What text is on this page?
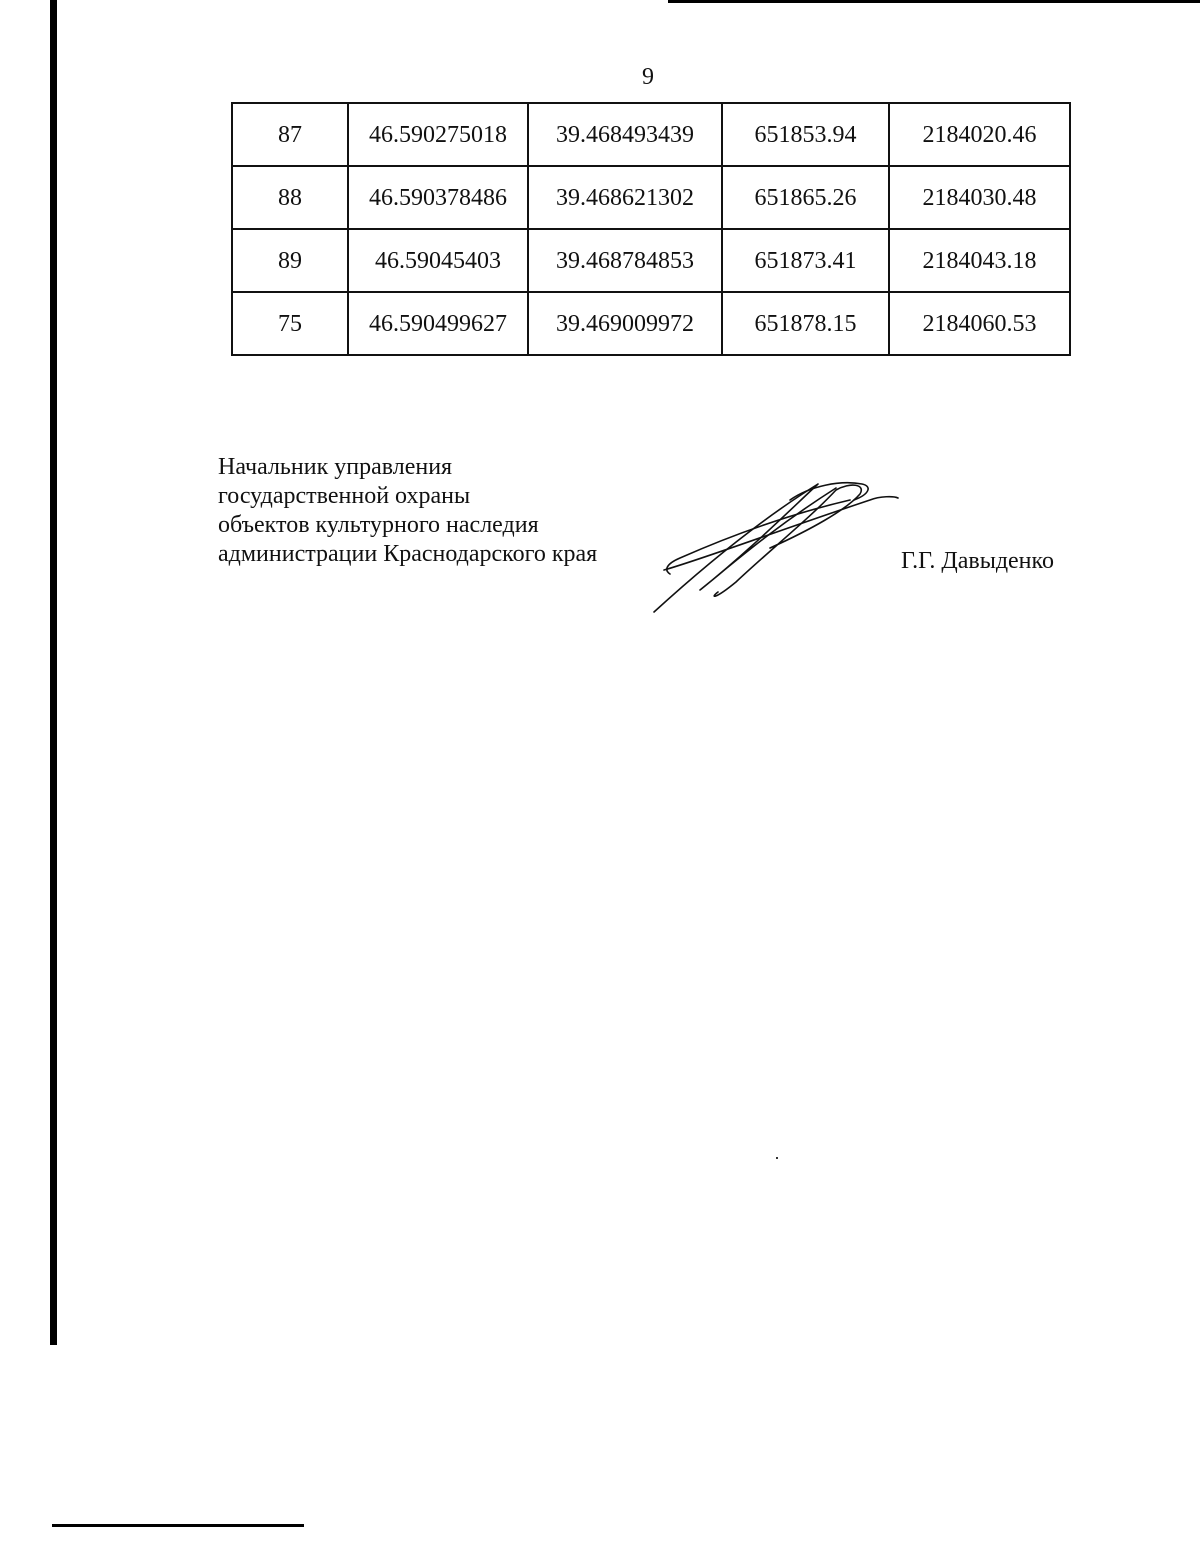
9
87	46.590275018	39.468493439	651853.94	2184020.46
88	46.590378486	39.468621302	651865.26	2184030.48
89	46.59045403	39.468784853	651873.41	2184043.18
75	46.590499627	39.469009972	651878.15	2184060.53
Начальник управления
государственной охраны
объектов культурного наследия
администрации Краснодарского края	Г.Г. Давыденко
